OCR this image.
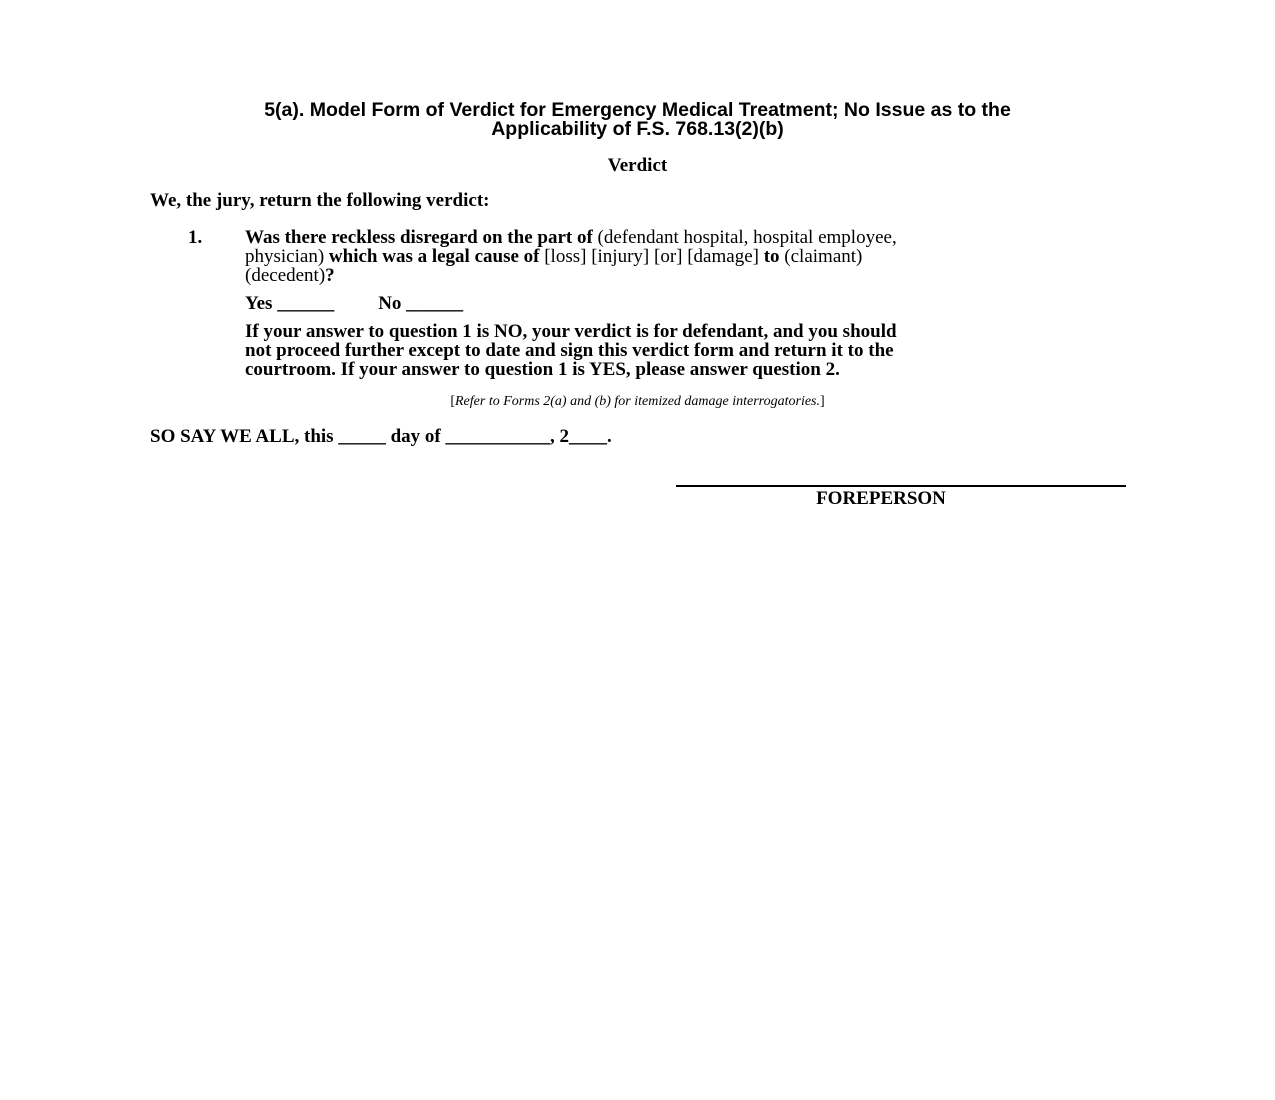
5(a). Model Form of Verdict for Emergency Medical Treatment; No Issue as to the
Applicability of F.S. 768.13(2)(b)
Verdict
We, the jury, return the following verdict:
1. Was there reckless disregard on the part of (defendant hospital, hospital employee,
physician) which was a legal cause of [loss] [injury] [or] [damage] to (claimant)
(decedent)?
Yes ______ No ______
If your answer to question 1 is NO, your verdict is for defendant, and you should
not proceed further except to date and sign this verdict form and return it to the
courtroom. If your answer to question 1 is YES, please answer question 2.
[Refer to Forms 2(a) and (b) for itemized damage interrogatories.]
SO SAY WE ALL, this _____ day of ___________, 2____.
FOREPERSON
